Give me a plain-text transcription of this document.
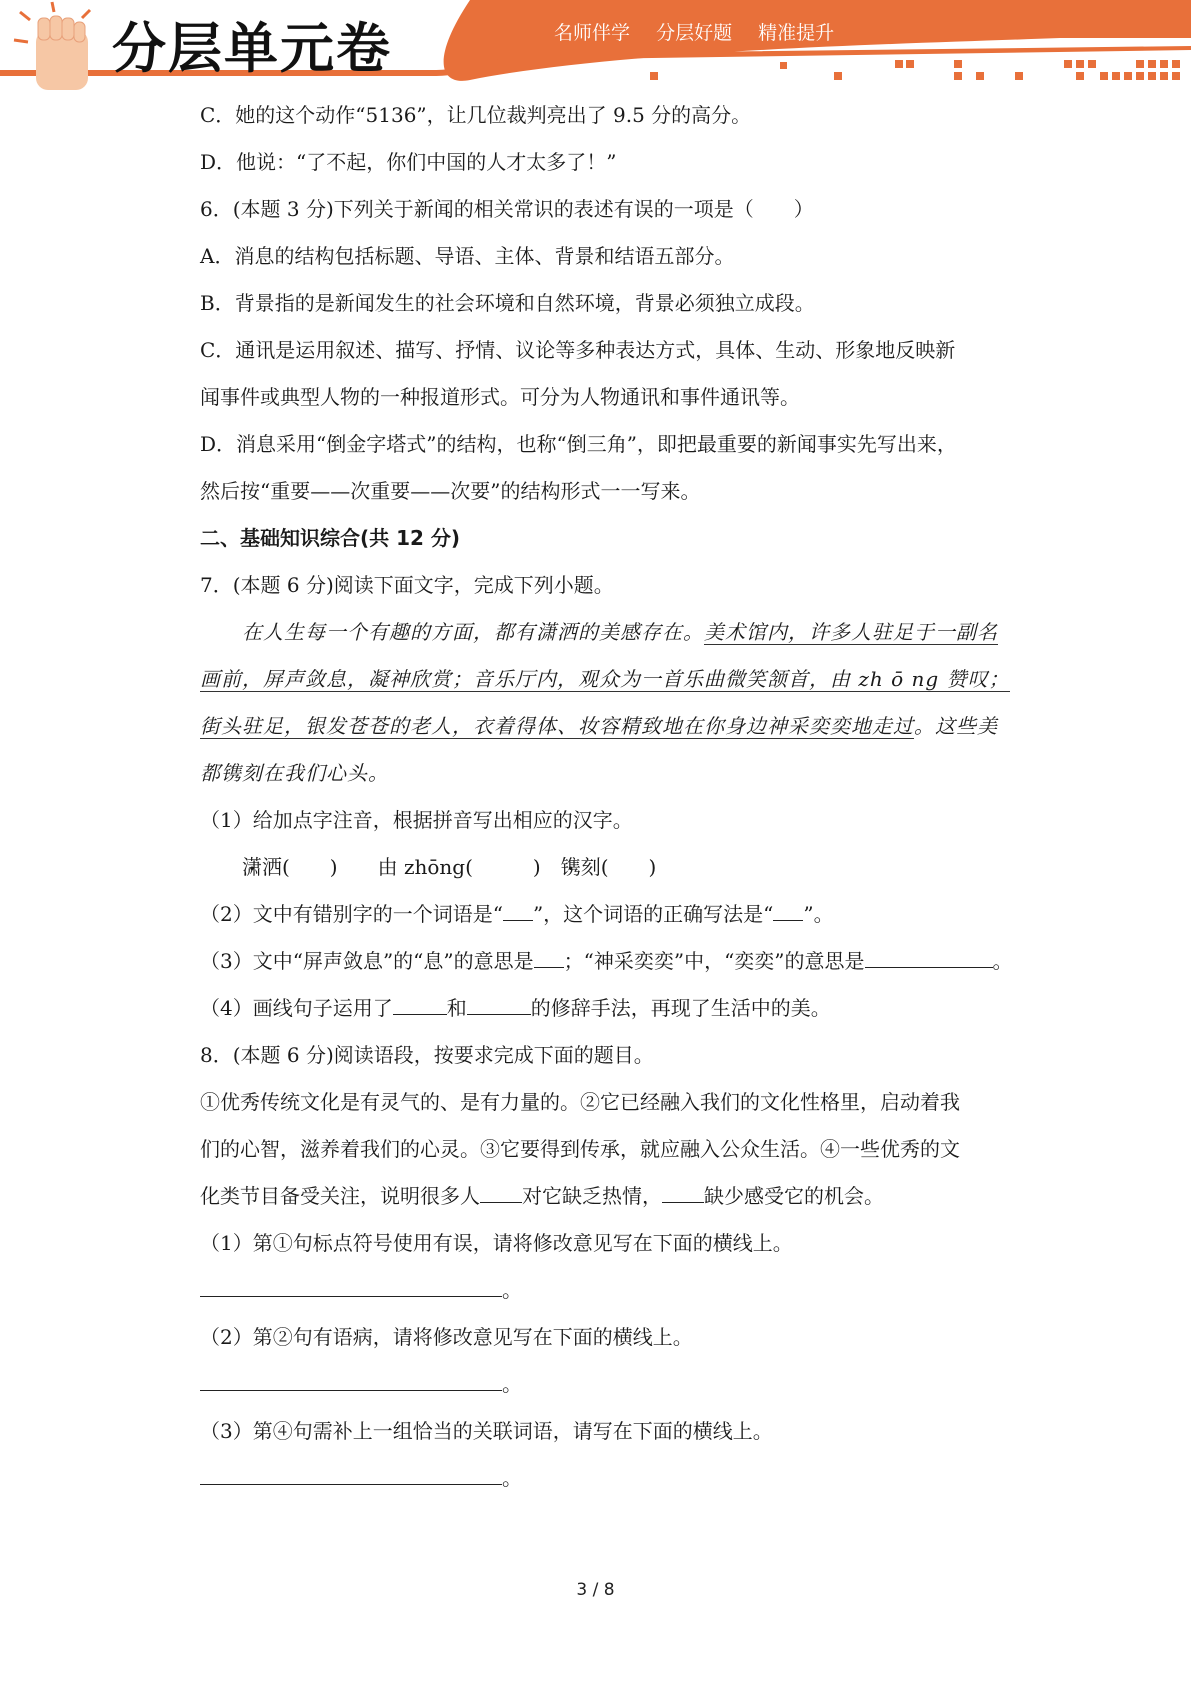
分层单元卷	名师伴学 分层好题 精准提升
C．她的这个动作“5136”，让几位裁判亮出了 9.5 分的高分。
D．他说：“了不起，你们中国的人才太多了！”
6．(本题 3 分)下列关于新闻的相关常识的表述有误的一项是（　　）
A．消息的结构包括标题、导语、主体、背景和结语五部分。
B．背景指的是新闻发生的社会环境和自然环境，背景必须独立成段。
C．通讯是运用叙述、描写、抒情、议论等多种表达方式，具体、生动、形象地反映新
闻事件或典型人物的一种报道形式。可分为人物通讯和事件通讯等。
D．消息采用“倒金字塔式”的结构，也称“倒三角”，即把最重要的新闻事实先写出来，
然后按“重要——次重要——次要”的结构形式一一写来。
二、基础知识综合(共 12 分)
7．(本题 6 分)阅读下面文字，完成下列小题。
在人生每一个有趣的方面，都有潇洒的美感存在。美术馆内，许多人驻足于一副名
画前，屏声敛息，凝神欣赏；音乐厅内，观众为一首乐曲微笑颔首，由 zh ō ng 赞叹；
街头驻足，银发苍苍的老人，衣着得体、妆容精致地在你身边神采奕奕地走过。这些美
都镌刻在我们心头。
（1）给加点字注音，根据拼音写出相应的汉字。
潇 •洒(　　)　　由 zhōng(　　　)　镌 •刻(　　)
（2）文中有错别字的一个词语是“ ”，这个词语的正确写法是“ ”。
（3）文中“屏声敛息”的“息”的意思是 ；“神采奕奕”中，“奕奕”的意思是	。
（4）画线句子运用了	和	的修辞手法，再现了生活中的美。
8．(本题 6 分)阅读语段，按要求完成下面的题目。
①优秀传统文化是有灵气的、是有力量的。②它已经融入我们的文化性格里，启动着我
们的心智，滋养着我们的心灵。③它要得到传承，就应融入公众生活。④一些优秀的文
化类节目备受关注，说明很多人 对它缺乏热情， 缺少感受它的机会。
（1）第①句标点符号使用有误，请将修改意见写在下面的横线上。
。
（2）第②句有语病，请将修改意见写在下面的横线上。
。
（3）第④句需补上一组恰当的关联词语，请写在下面的横线上。
。
3 / 8
